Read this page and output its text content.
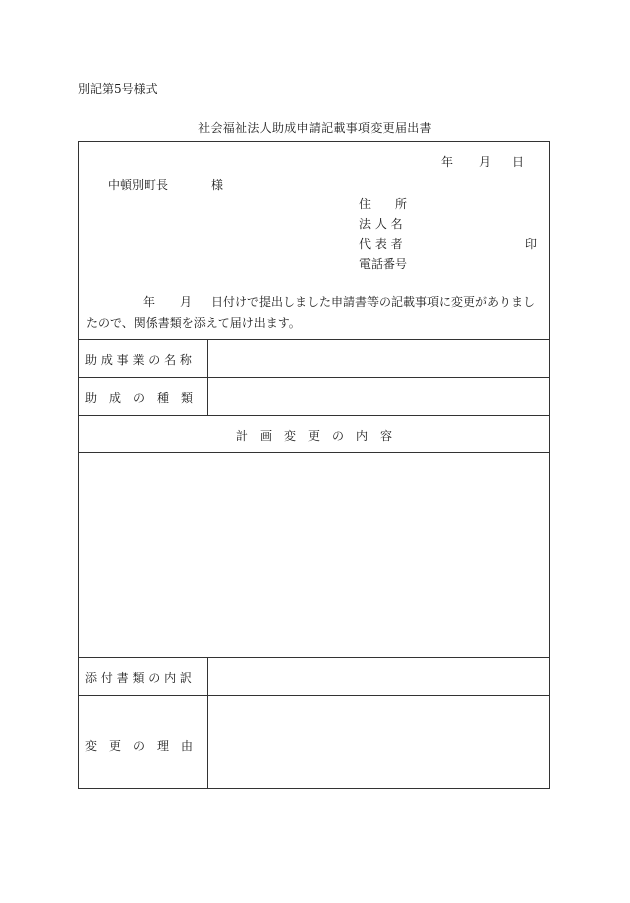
別記第5号様式
社会福祉法人助成申請記載事項変更届出書
年 月 日
中頓別町長	様
住　　所
法 人 名
代 表 者	印
電話番号
年 月 日付けで提出しました申請書等の記載事項に変更がありましたので、関係書類を添えて届け出ます。
助 成 事 業 の 名 称
助　成　の　種　類
計　画　変　更　の　内　容
添 付 書 類 の 内 訳
変　更　の　理　由
